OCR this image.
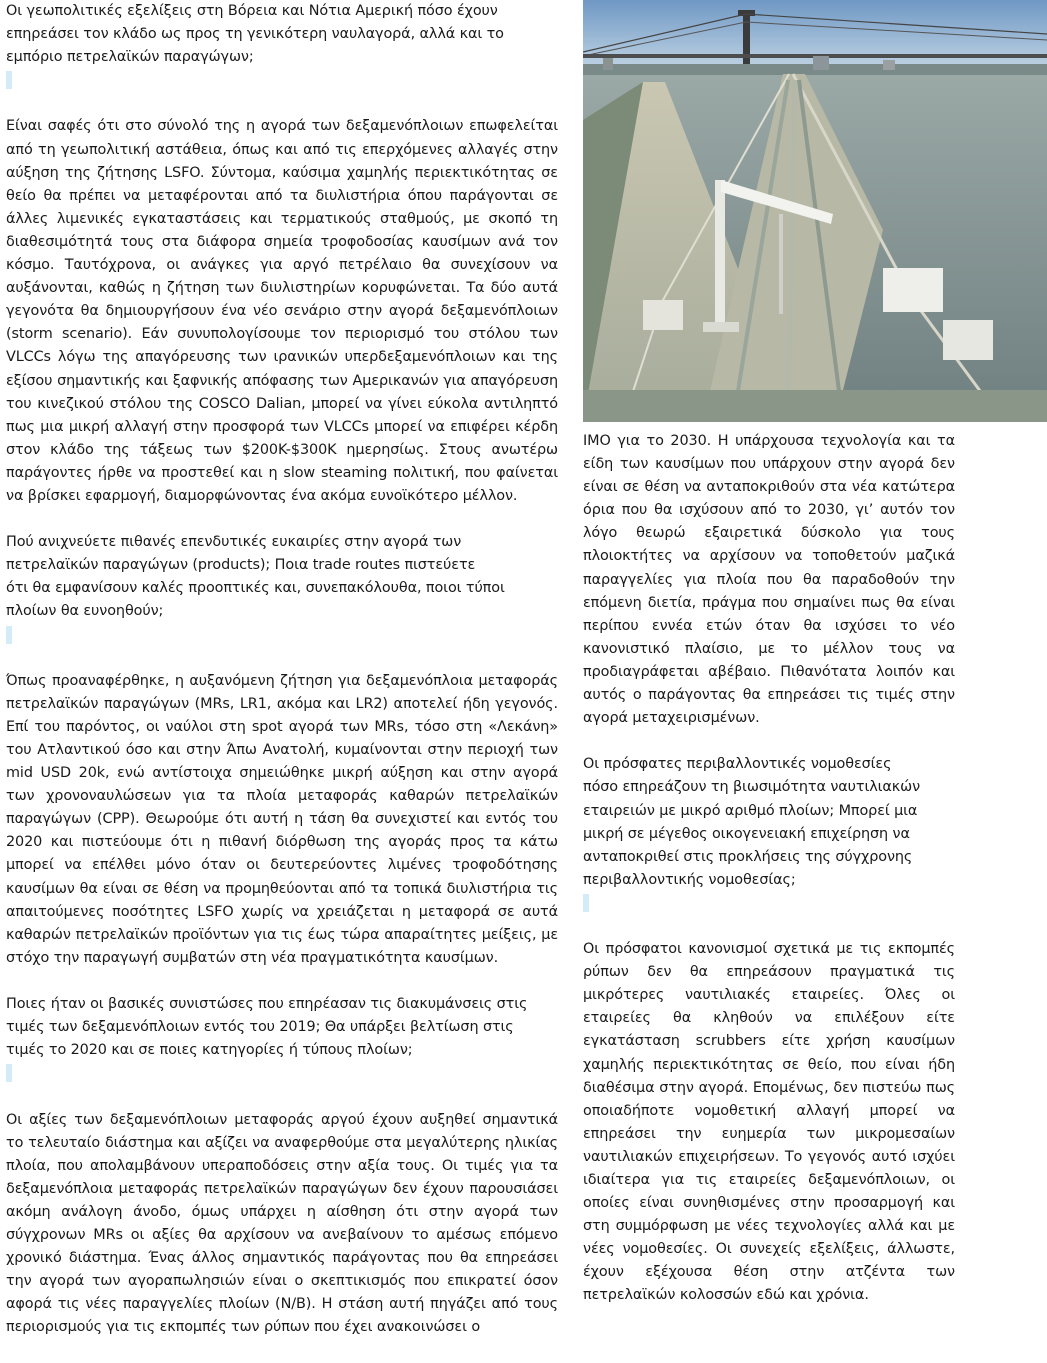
Οι γεωπολιτικές εξελίξεις στη Βόρεια και Νότια Αμερική πόσο έχουν
επηρεάσει τον κλάδο ως προς τη γενικότερη ναυλαγορά, αλλά και το
εμπόριο πετρελαϊκών παραγώγων;

Είναι σαφές ότι στο σύνολό της η αγορά των δεξαμενόπλοιων επωφελείται από τη γεωπολιτική αστάθεια, όπως και από τις επερχόμενες αλλαγές στην αύξηση της ζήτησης LSFO. Σύντομα, καύσιμα χαμηλής περιεκτικότητας σε θείο θα πρέπει να μεταφέρονται από τα διυλιστήρια όπου παράγονται σε άλλες λιμενικές εγκαταστάσεις και τερματικούς σταθμούς, με σκοπό τη διαθεσιμότητά τους στα διάφορα σημεία τροφοδοσίας καυσίμων ανά τον κόσμο. Ταυτόχρονα, οι ανάγκες για αργό πετρέλαιο θα συνεχίσουν να αυξάνονται, καθώς η ζήτηση των διυλιστηρίων κορυφώνεται. Τα δύο αυτά γεγονότα θα δημιουργήσουν ένα νέο σενάριο στην αγορά δεξαμενόπλοιων (storm scenario). Εάν συνυπολογίσουμε τον περιορισμό του στόλου των VLCCs λόγω της απαγόρευσης των ιρανικών υπερδεξαμενόπλοιων και της εξίσου σημαντικής και ξαφνικής απόφασης των Αμερικανών για απαγόρευση του κινεζικού στόλου της COSCO Dalian, μπορεί να γίνει εύκολα αντιληπτό πως μια μικρή αλλαγή στην προσφορά των VLCCs μπορεί να επιφέρει κέρδη στον κλάδο της τάξεως των $200K-$300K ημερησίως. Στους ανωτέρω παράγοντες ήρθε να προστεθεί και η slow steaming πολιτική, που φαίνεται να βρίσκει εφαρμογή, διαμορφώνοντας ένα ακόμα ευνοϊκότερο μέλλον.

Πού ανιχνεύετε πιθανές επενδυτικές ευκαιρίες στην αγορά των
πετρελαϊκών παραγώγων (products); Ποια trade routes πιστεύετε
ότι θα εμφανίσουν καλές προοπτικές και, συνεπακόλουθα, ποιοι τύποι
πλοίων θα ευνοηθούν;

Όπως προαναφέρθηκε, η αυξανόμενη ζήτηση για δεξαμενόπλοια μεταφοράς πετρελαϊκών παραγώγων (MRs, LR1, ακόμα και LR2) αποτελεί ήδη γεγονός. Επί του παρόντος, οι ναύλοι στη spot αγορά των MRs, τόσο στη «Λεκάνη» του Ατλαντικού όσο και στην Άπω Ανατολή, κυμαίνονται στην περιοχή των mid USD 20k, ενώ αντίστοιχα σημειώθηκε μικρή αύξηση και στην αγορά των χρονοναυλώσεων για τα πλοία μεταφοράς καθαρών πετρελαϊκών παραγώγων (CPP). Θεωρούμε ότι αυτή η τάση θα συνεχιστεί και εντός του 2020 και πιστεύουμε ότι η πιθανή διόρθωση της αγοράς προς τα κάτω μπορεί να επέλθει μόνο όταν οι δευτερεύοντες λιμένες τροφοδότησης καυσίμων θα είναι σε θέση να προμηθεύονται από τα τοπικά διυλιστήρια τις απαιτούμενες ποσότητες LSFO χωρίς να χρειάζεται η μεταφορά σε αυτά καθαρών πετρελαϊκών προϊόντων για τις έως τώρα απαραίτητες μείξεις, με στόχο την παραγωγή συμβατών στη νέα πραγματικότητα καυσίμων.

Ποιες ήταν οι βασικές συνιστώσες που επηρέασαν τις διακυμάνσεις στις
τιμές των δεξαμενόπλοιων εντός του 2019; Θα υπάρξει βελτίωση στις
τιμές το 2020 και σε ποιες κατηγορίες ή τύπους πλοίων;

Οι αξίες των δεξαμενόπλοιων μεταφοράς αργού έχουν αυξηθεί σημαντικά το τελευταίο διάστημα και αξίζει να αναφερθούμε στα μεγαλύτερης ηλικίας πλοία, που απολαμβάνουν υπεραποδόσεις στην αξία τους. Οι τιμές για τα δεξαμενόπλοια μεταφοράς πετρελαϊκών παραγώγων δεν έχουν παρουσιάσει ακόμη ανάλογη άνοδο, όμως υπάρχει η αίσθηση ότι στην αγορά των σύγχρονων MRs οι αξίες θα αρχίσουν να ανεβαίνουν το αμέσως επόμενο χρονικό διάστημα. Ένας άλλος σημαντικός παράγοντας που θα επηρεάσει την αγορά των αγοραπωλησιών είναι ο σκεπτικισμός που επικρατεί όσον αφορά τις νέες παραγγελίες πλοίων (N/B). Η στάση αυτή πηγάζει από τους περιορισμούς για τις εκπομπές των ρύπων που έχει ανακοινώσει ο

IMO για το 2030. Η υπάρχουσα τεχνολογία και τα είδη των καυσίμων που υπάρχουν στην αγορά δεν είναι σε θέση να ανταποκριθούν στα νέα κατώτερα όρια που θα ισχύσουν από το 2030, γι’ αυτόν τον λόγο θεωρώ εξαιρετικά δύσκολο για τους πλοιοκτήτες να αρχίσουν να τοποθετούν μαζικά παραγγελίες για πλοία που θα παραδοθούν την επόμενη διετία, πράγμα που σημαίνει πως θα είναι περίπου εννέα ετών όταν θα ισχύσει το νέο κανονιστικό πλαίσιο, με το μέλλον τους να προδιαγράφεται αβέβαιο. Πιθανότατα λοιπόν και αυτός ο παράγοντας θα επηρεάσει τις τιμές στην αγορά μεταχειρισμένων.

Οι πρόσφατες περιβαλλοντικές νομοθεσίες
πόσο επηρεάζουν τη βιωσιμότητα ναυτιλιακών
εταιρειών με μικρό αριθμό πλοίων; Μπορεί μια
μικρή σε μέγεθος οικογενειακή επιχείρηση να
ανταποκριθεί στις προκλήσεις της σύγχρονης
περιβαλλοντικής νομοθεσίας;

Οι πρόσφατοι κανονισμοί σχετικά με τις εκπομπές ρύπων δεν θα επηρεάσουν πραγματικά τις μικρότερες ναυτιλιακές εταιρείες. Όλες οι εταιρείες θα κληθούν να επιλέξουν είτε εγκατάσταση scrubbers είτε χρήση καυσίμων χαμηλής περιεκτικότητας σε θείο, που είναι ήδη διαθέσιμα στην αγορά. Επομένως, δεν πιστεύω πως οποιαδήποτε νομοθετική αλλαγή μπορεί να επηρεάσει την ευημερία των μικρομεσαίων ναυτιλιακών επιχειρήσεων. Το γεγονός αυτό ισχύει ιδιαίτερα για τις εταιρείες δεξαμενόπλοιων, οι οποίες είναι συνηθισμένες στην προσαρμογή και στη συμμόρφωση με νέες τεχνολογίες αλλά και με νέες νομοθεσίες. Οι συνεχείς εξελίξεις, άλλωστε, έχουν εξέχουσα θέση στην ατζέντα των πετρελαϊκών κολοσσών εδώ και χρόνια.
